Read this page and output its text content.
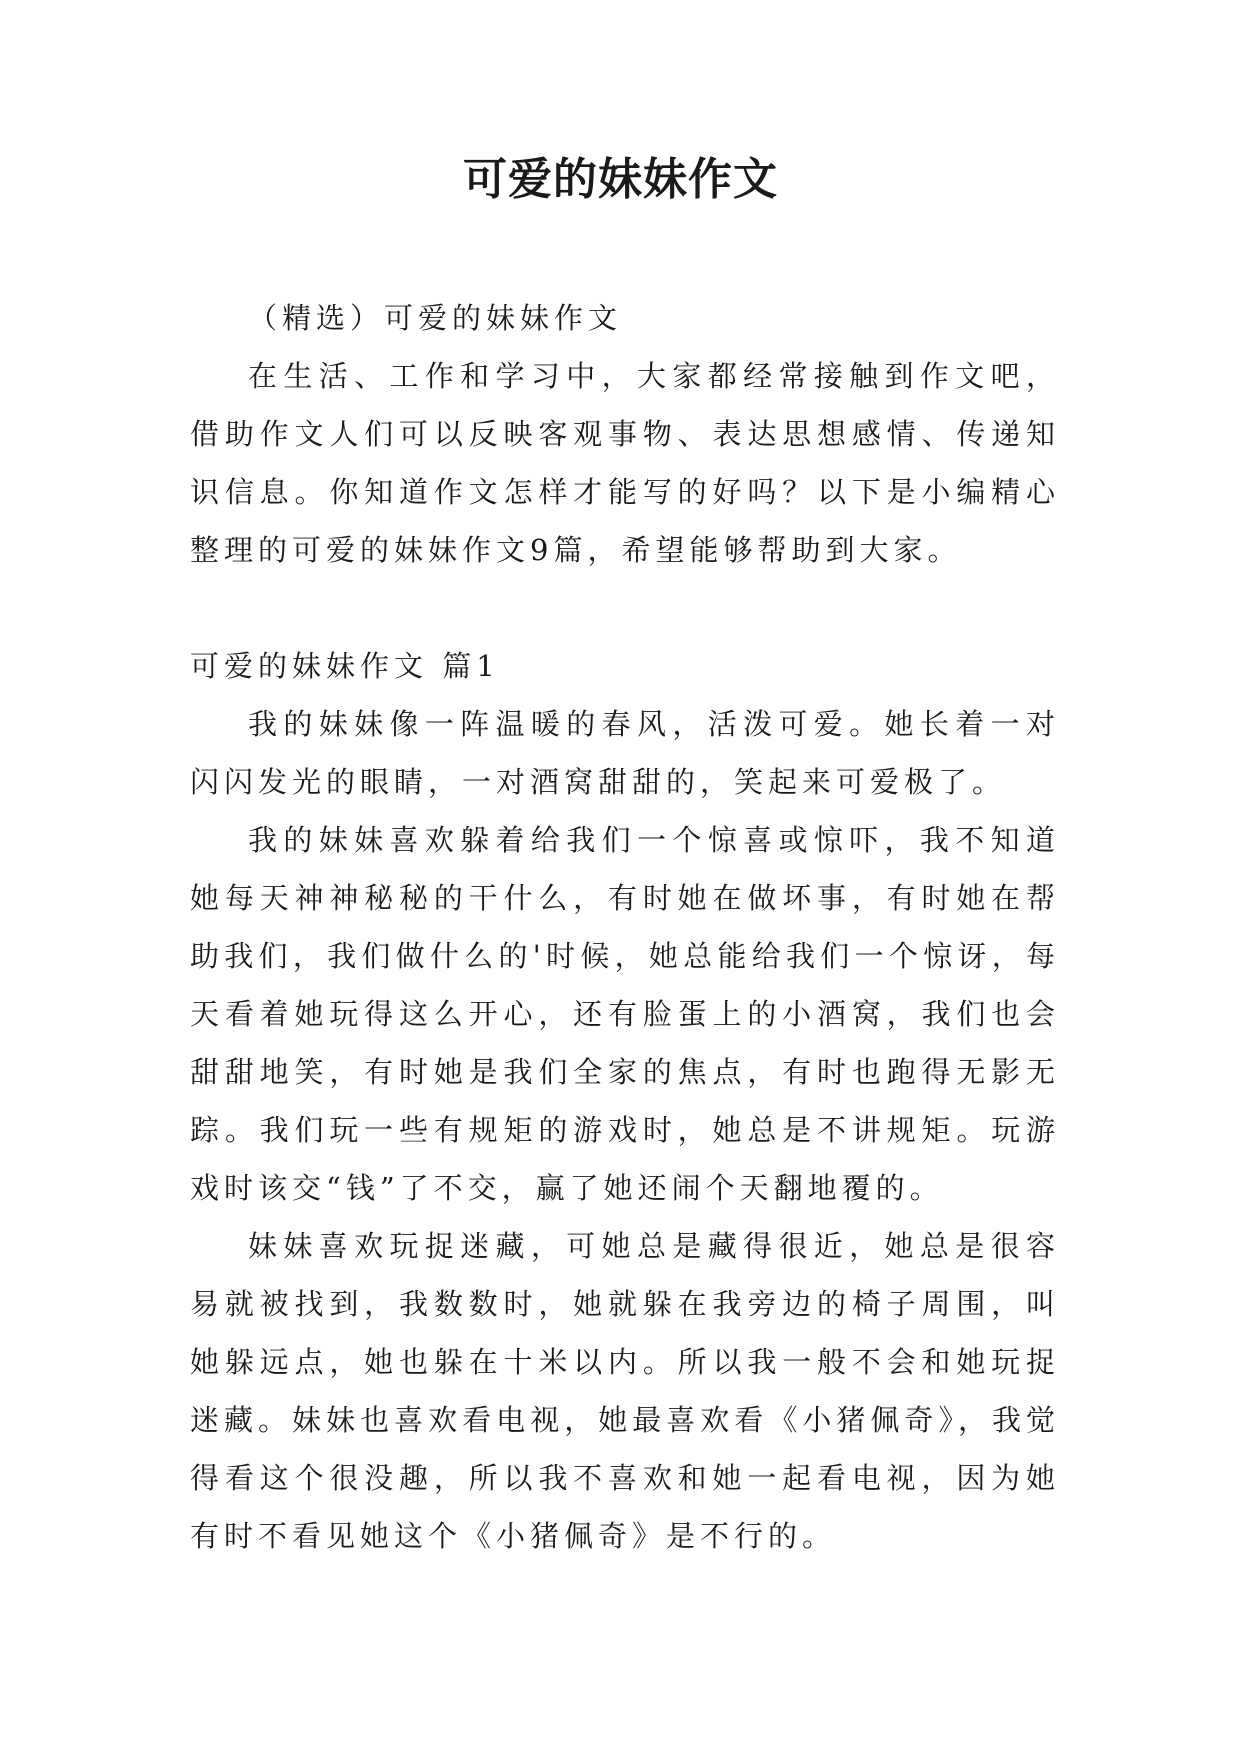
可爱的妹妹作文

（精选）可爱的妹妹作文

在生活、工作和学习中，大家都经常接触到作文吧，借助作文人们可以反映客观事物、表达思想感情、传递知识信息。你知道作文怎样才能写的好吗？以下是小编精心整理的可爱的妹妹作文9篇，希望能够帮助到大家。

可爱的妹妹作文 篇1

我的妹妹像一阵温暖的春风，活泼可爱。她长着一对闪闪发光的眼睛，一对酒窝甜甜的，笑起来可爱极了。

我的妹妹喜欢躲着给我们一个惊喜或惊吓，我不知道她每天神神秘秘的干什么，有时她在做坏事，有时她在帮助我们，我们做什么的'时候，她总能给我们一个惊讶，每天看着她玩得这么开心，还有脸蛋上的小酒窝，我们也会甜甜地笑，有时她是我们全家的焦点，有时也跑得无影无踪。我们玩一些有规矩的游戏时，她总是不讲规矩。玩游戏时该交“钱”了不交，赢了她还闹个天翻地覆的。

妹妹喜欢玩捉迷藏，可她总是藏得很近，她总是很容易就被找到，我数数时，她就躲在我旁边的椅子周围，叫她躲远点，她也躲在十米以内。所以我一般不会和她玩捉迷藏。妹妹也喜欢看电视，她最喜欢看《小猪佩奇》，我觉得看这个很没趣，所以我不喜欢和她一起看电视，因为她有时不看见她这个《小猪佩奇》是不行的。
